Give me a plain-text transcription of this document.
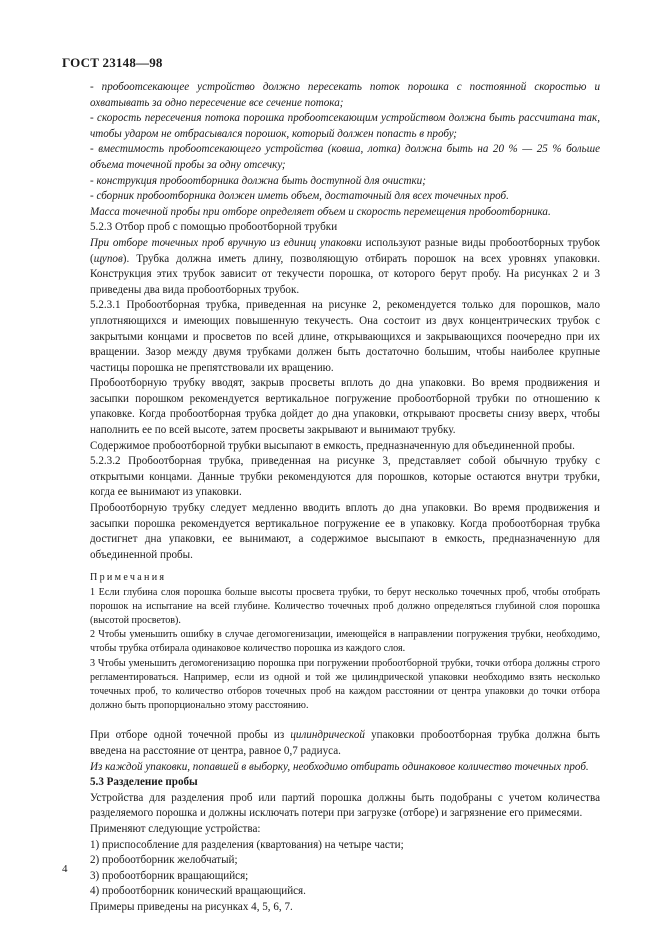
ГОСТ 23148—98

- пробоотсекающее устройство должно пересекать поток порошка с постоянной скоростью и охватывать за одно пересечение все сечение потока;

- скорость пересечения потока порошка пробоотсекающим устройством должна быть рассчитана так, чтобы ударом не отбрасывался порошок, который должен попасть в пробу;

- вместимость пробоотсекающего устройства (ковша, лотка) должна быть на 20 % — 25 % больше объема точечной пробы за одну отсечку;

- конструкция пробоотборника должна быть доступной для очистки;

- сборник пробоотборника должен иметь объем, достаточный для всех точечных проб.

Масса точечной пробы при отборе определяет объем и скорость перемещения пробоотборника.

5.2.3 Отбор проб с помощью пробоотборной трубки

При отборе точечных проб вручную из единиц упаковки используют разные виды пробоотборных трубок (щупов). Трубка должна иметь длину, позволяющую отбирать порошок на всех уровнях упаковки. Конструкция этих трубок зависит от текучести порошка, от которого берут пробу. На рисунках 2 и 3 приведены два вида пробоотборных трубок.

5.2.3.1 Пробоотборная трубка, приведенная на рисунке 2, рекомендуется только для порошков, мало уплотняющихся и имеющих повышенную текучесть. Она состоит из двух концентрических трубок с закрытыми концами и просветов по всей длине, открывающихся и закрывающихся поочередно при их вращении. Зазор между двумя трубками должен быть достаточно большим, чтобы наиболее крупные частицы порошка не препятствовали их вращению.

Пробоотборную трубку вводят, закрыв просветы вплоть до дна упаковки. Во время продвижения и засыпки порошком рекомендуется вертикальное погружение пробоотборной трубки по отношению к упаковке. Когда пробоотборная трубка дойдет до дна упаковки, открывают просветы снизу вверх, чтобы наполнить ее по всей высоте, затем просветы закрывают и вынимают трубку.

Содержимое пробоотборной трубки высыпают в емкость, предназначенную для объединенной пробы.

5.2.3.2 Пробоотборная трубка, приведенная на рисунке 3, представляет собой обычную трубку с открытыми концами. Данные трубки рекомендуются для порошков, которые остаются внутри трубки, когда ее вынимают из упаковки.

Пробоотборную трубку следует медленно вводить вплоть до дна упаковки. Во время продвижения и засыпки порошка рекомендуется вертикальное погружение ее в упаковку. Когда пробоотборная трубка достигнет дна упаковки, ее вынимают, а содержимое высыпают в емкость, предназначенную для объединенной пробы.

Примечания

1 Если глубина слоя порошка больше высоты просвета трубки, то берут несколько точечных проб, чтобы отобрать порошок на испытание на всей глубине. Количество точечных проб должно определяться глубиной слоя порошка (высотой просветов).

2 Чтобы уменьшить ошибку в случае дегомогенизации, имеющейся в направлении погружения трубки, необходимо, чтобы трубка отбирала одинаковое количество порошка из каждого слоя.

3 Чтобы уменьшить дегомогенизацию порошка при погружении пробоотборной трубки, точки отбора должны строго регламентироваться. Например, если из одной и той же цилиндрической упаковки необходимо взять несколько точечных проб, то количество отборов точечных проб на каждом расстоянии от центра упаковки до точки отбора должно быть пропорционально этому расстоянию.

При отборе одной точечной пробы из цилиндрической упаковки пробоотборная трубка должна быть введена на расстояние от центра, равное 0,7 радиуса.

Из каждой упаковки, попавшей в выборку, необходимо отбирать одинаковое количество точечных проб.

5.3 Разделение пробы

Устройства для разделения проб или партий порошка должны быть подобраны с учетом количества разделяемого порошка и должны исключать потери при загрузке (отборе) и загрязнение его примесями.

Применяют следующие устройства:

1) приспособление для разделения (квартования) на четыре части;

2) пробоотборник желобчатый;

3) пробоотборник вращающийся;

4) пробоотборник конический вращающийся.

Примеры приведены на рисунках 4, 5, 6, 7.

4
